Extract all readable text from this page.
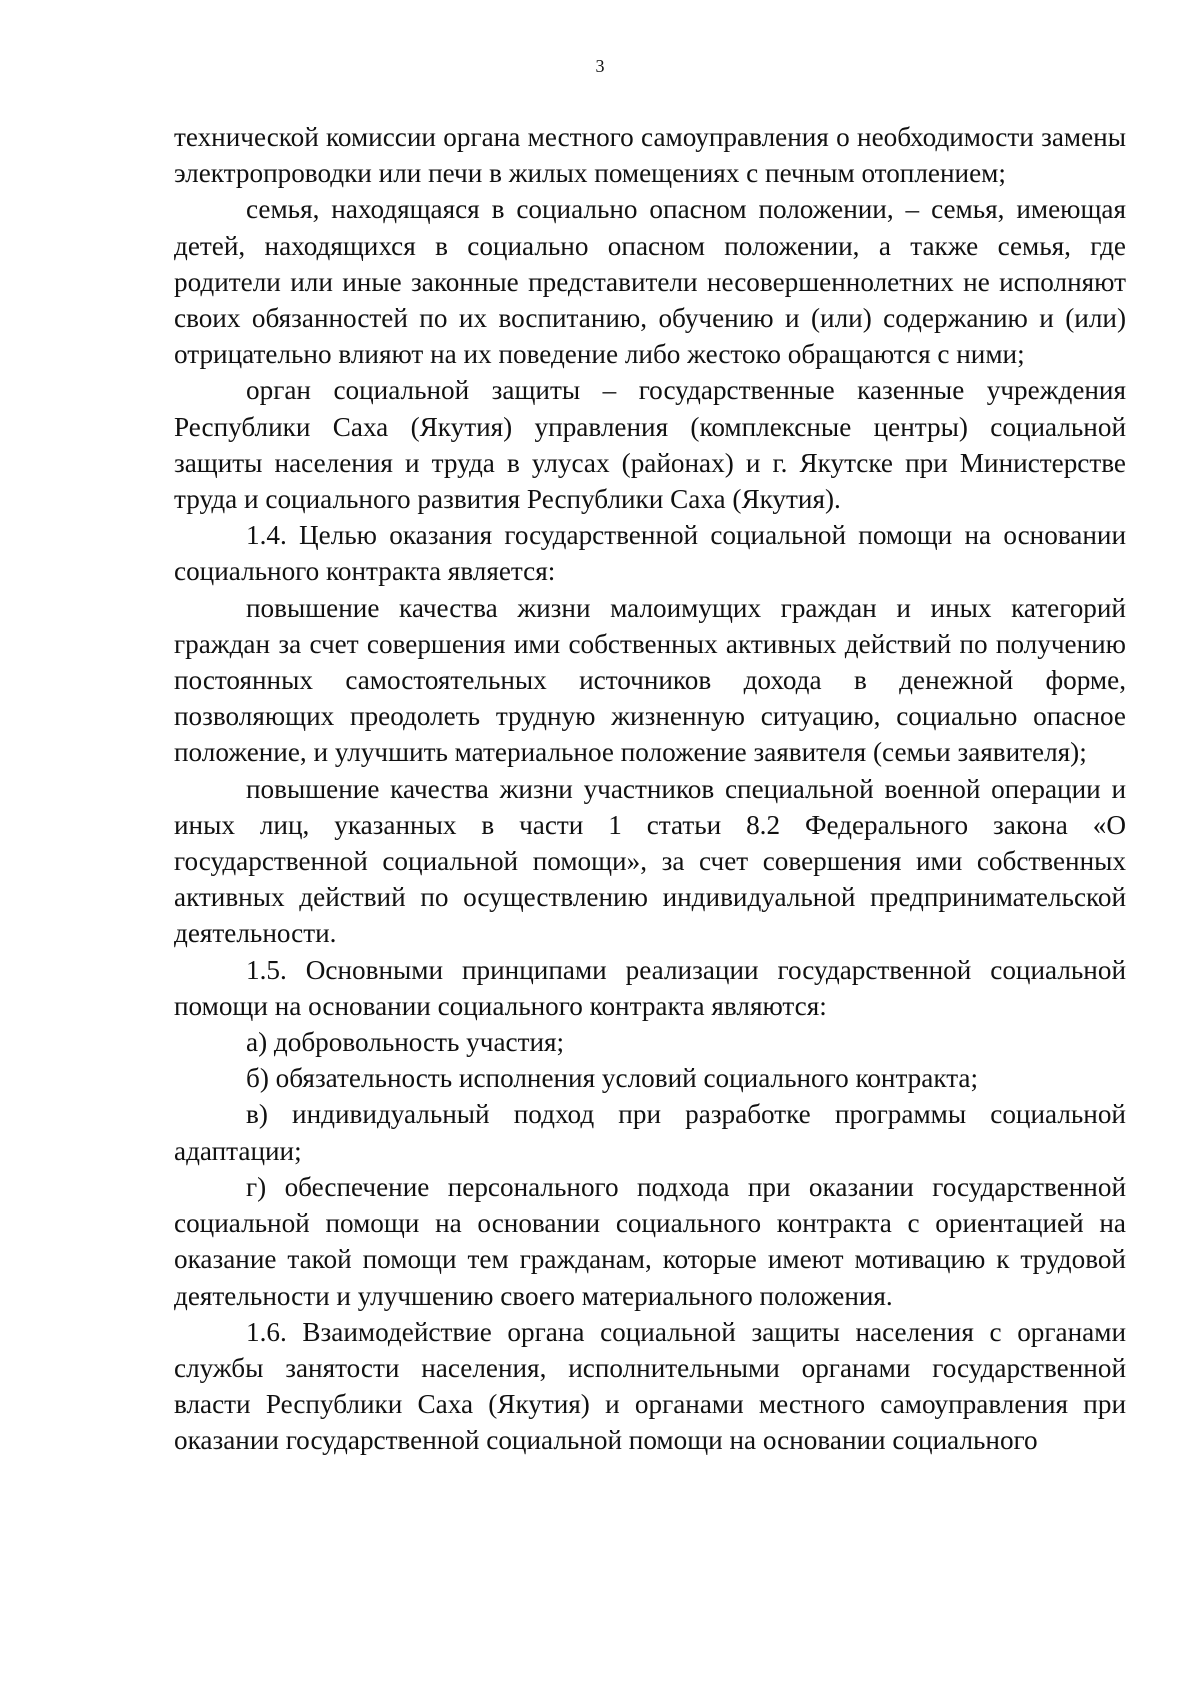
3

технической комиссии органа местного самоуправления о необходимости замены электропроводки или печи в жилых помещениях с печным отоплением;

семья, находящаяся в социально опасном положении, – семья, имеющая детей, находящихся в социально опасном положении, а также семья, где родители или иные законные представители несовершеннолетних не исполняют своих обязанностей по их воспитанию, обучению и (или) содержанию и (или) отрицательно влияют на их поведение либо жестоко обращаются с ними;

орган социальной защиты – государственные казенные учреждения Республики Саха (Якутия) управления (комплексные центры) социальной защиты населения и труда в улусах (районах) и г. Якутске при Министерстве труда и социального развития Республики Саха (Якутия).

1.4. Целью оказания государственной социальной помощи на основании социального контракта является:

повышение качества жизни малоимущих граждан и иных категорий граждан за счет совершения ими собственных активных действий по получению постоянных самостоятельных источников дохода в денежной форме, позволяющих преодолеть трудную жизненную ситуацию, социально опасное положение, и улучшить материальное положение заявителя (семьи заявителя);

повышение качества жизни участников специальной военной операции и иных лиц, указанных в части 1 статьи 8.2 Федерального закона «О государственной социальной помощи», за счет совершения ими собственных активных действий по осуществлению индивидуальной предпринимательской деятельности.

1.5. Основными принципами реализации государственной социальной помощи на основании социального контракта являются:

а) добровольность участия;

б) обязательность исполнения условий социального контракта;

в) индивидуальный подход при разработке программы социальной адаптации;

г) обеспечение персонального подхода при оказании государственной социальной помощи на основании социального контракта с ориентацией на оказание такой помощи тем гражданам, которые имеют мотивацию к трудовой деятельности и улучшению своего материального положения.

1.6. Взаимодействие органа социальной защиты населения с органами службы занятости населения, исполнительными органами государственной власти Республики Саха (Якутия) и органами местного самоуправления при оказании государственной социальной помощи на основании социального
